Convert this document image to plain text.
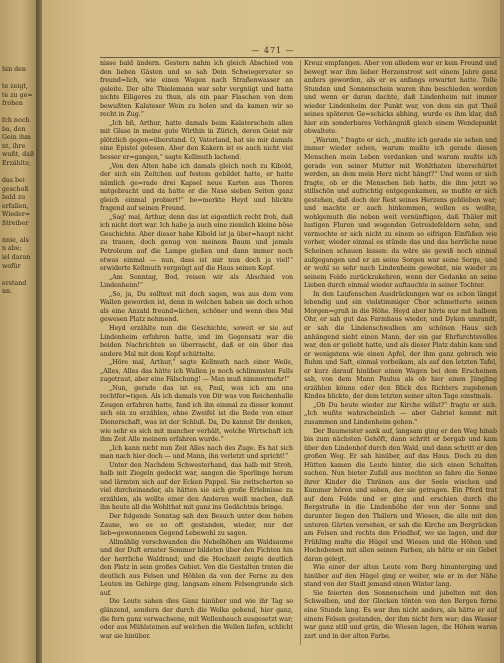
hin den

te zeigt,
te zu ge=
frohen

fch noch
ba, den
Gein ihm
nt, ihre
wußt, daß
Erzählte,

das bei
geschoß
bald zu
erfallen,
Wieder=
ßtreiber

nnie, als
n abe;
iel daran
wofür

erstand
nn.

— 471 —

nisse bald ändern. Gestern nahm ich gleich Abschied von den lieben Gästen und so sah Dein Schwiegervater so freund=lich, wie einen Wagen nach Straßenwasser an geleite. Der alte Thielemann war sehr vergnügt und hatte nichts Eiligeres zu thun, als ein paar Flaschen von dem bewußten Kalateser Wein zu holen und da kamen wir so recht in Zug.“

„Ich bß, Arthur, hatte damals beim Kalaterschein allen mit Glase in meine gute Wirthin in Zürich, deren Geist mir plötzlich gegen=überstand. O, Vaterland, hat sie mir damals eine Epistel gelesen. Aber den Kakern ist es auch nicht viel besser er=gangen,“ sagte Kellmuth lachend.

„Von den Alten habe ich damals gleich noch zu Kibold, der sich ein Zeitchen auf festem gebildet hatte, er hatte nämlich ge=rade drei Kapsel neue Karten aus Thoren mitgebracht und da hatte er die Nase sieben Seiten ganz gleich einmal probiert!“ be=merkte Heyd und blickte fragend auf seinen Freund.

„Sag' mal, Arthur, denn das ist eigentlich recht froh, daß ich nicht dort war. Ich habe ja auch eine ziemlich kleine böse Geschichte. Aber dieser habe Kibold ist ja über=haupt nicht zu trauen, doch genug von meinem Baum und jemals Petroleum auf die Lampe gießen und dann immer noch etwas einmal — nun, dass ist mir nun doch ja viel!“ erwiderte Kellmuth vergnügt auf die Haus seinen Kopf.

„Am Sonntag, Bod, reisen wir als Abschied von Lindenheim!“

„So, ja, Du solltest mit doch sagen, was aus dem vom Wallen geworden ist, denn in welchen haben sie doch schon als eine Anzahl freund=lichen, schöner und wenn dies Mal gewesen Platz nehmend.

Heyd erzählte nun die Geschichte, soweit er sie auf Lindenheim erfahren hatte, und im Gegensatz war die beiden Nachrichten so überrascht, daß er ein über das andere Mal mit dem Kopf schüttelte.

„Höre mal, Arthur,“ sagte Kellmuth nach einer Weile, „Alles, Alles das hätte ich Wallen je noch schlimmsten Falls zugetraut, aber eine Fälschung! — Man muß nimmermehr!“

„Nun, gerade das ist es, Paul, was ich am uns rechtfer=tigen. Als ich damals von Dir was von Reichenhalle Zeugen erfahren hatte, fand ich ihn einmal zu dieser kommt sich ein zu erzählen, ohne Zweifel ist die Rede von einer Dienerschaft, was ist der Schluß. Da, Du kannst Dir denken, wie sehr es sich mit mancher verhält, welche Wirtschaft ich ihm Zeit Alle meinem erfahren wurde.“

„Ich kann nicht nun Zeit Alles nach des Zuge. Es hat sich man nach hier doch — und Mann, ihn verletzt und spricht!“

Unter den Nachdem Schwesterhand, das halb mit Stroh, halb mit Ziegeln gedeckt war, sangen die Sperlinge herum und lärmten sich auf der Ecken Pappel. Sie zwitscherten so viel durcheinander, als hätten sie sich große Erlebnisse zu erzählen, als wollte einer den Anderen weiß machen, daß ihn heute all die Wohlthat mit ganz ins Gedächtnis bringe.

Der folgende Sonntag sah den Besuch unter dem hohen Zaune, wo es so oft gestanden, wieder, nur der lieb=gewonnenen Gegend Lebewohl zu sagen.

Allmählig verschwanden die Nebelhöhen am Waldsaume und der Duft ernster Sommer bildeten über den Fichten hin der herrliche Waldrand; und die Hochzeit zeigte deutlich den Platz in sein großes Gebiet. Von die Gestalten traten die deutlich aus Felsen und Höhlen da von der Ferne zu den Leuten im Gebirge ging, langsam einem Felsengrunde sich auf.

Die Leute sahen dies Ganz hinüber und wie ihr Tag so glänzend, sondern der durch die Wolke gehend, hier ganz, die fern ganz verwachsene, mit Wellenhauch ausgesetzt war; oder aus Mühlsteinen auf welchen die Wellen liefen, schlicht war sie hinüber.

Kreuz empfangen. Aber von alledem war er kein Freund und bewegt war ihm lieber Herzenstrost seit einem Jahre ganz anders geworden, als er es anfangs erwartet hatte. Tolle Stunden und Sonnenschein waren ihm beschieden worden und wenn er daran dachte, daß Lindenheim mit immer wieder Lindenheim der Punkt war, von dem ein gut Theil seines späteren Ge=schicks abhing, wurde es ihm klar, daß hier ein sonderbares Verhängniß gleich einem Wendepunkt obwaltete.

„Warum,“ fragte er sich, „mußte ich gerade sie sehen und immer wieder sehen, warum mußte ich gerade diesen Menschen mein Leben verdanken und warum mußte ich gerade von seiner Mutter mit Wohlthaten überschüttet werden, an dem mein Herz nicht hängt?“ Und wenn er sich fragte, ob er die Menschen lieb hatte, die ihm jetzt so stillschön und aufrichtig entgegenkamen, so mußte er sich gestehen, daß doch der Rest seines Herzens geblieben war; und machte er auch hinkommen, wollen es wollte, wohlgemuth die neben weit vernünftigen, daß Thäler mit lustigen Fluren und wogenden Getreidefeldern sehn, und vermochte er sich nicht zu einem so eifrigen Einfüßen wie vorher, wieder einmal es stünde das und das herrliche neue Scheinen schauen lassen: da wäre sie gewiß noch einmal aufgegangen und er an seine Sorgen war seine Sorge, und er wohl so sehr nach Lindenheim gewohnt, nie wieder zu seinem Felde zurückzukehren, wenn der Gedanke an seine Lieben durch einmal wieder auftauchte in seiner Tochter.

In den Laufenschen Ausdrückungen war es schon längst lebendig und ein vielstimmiger Chor schmetterte seinen Morgen=gruß in die Höhe. Heyd aber hörte nur mit halbem Ohr, er sah gut das Farmhaus wieder, und Dyken umrandt, er sah die Lindenschwalben am schönen Haus sich anhängend sieht einen Mann, der ein gar Ehrfurchtsvolles war, den er geliebt hatte, und als dieser Platz dahin kam und er wenigstens wie einen Apfel, der ihm ganz gebrach wie Ruhm und Saft, einmal vorbeikam, als auf den letzten Tafel, er kurz darauf hinüber einen Wagen bei dem Erscheinen sah, von dem Mann Paulus als ob hier einen Jüngling erzählen könne oder den Blick des Richters zugebenen Kindes blickte, der dem letzten seiner alten Tage einstmals.

„Ob Du heute wieder zur Kirche willst?“ fragte er sich. „Ich wußte wahrscheinlich — aber Gabriel kommt mit zusammen und Lindenheim gehen.“

Der Baumeister sank auf, langsam ging er den Weg hinab bis zum nächsten Gehöft, dann schritt er bergab und kam über den Lindenhof durch den Wald, und dann schritt er den großen Weg. Er sah hinüber, auf das Haus. Doch zu den Hütten kamen die Leute hinter, die sich einen Schatten suchen. Nun bieter Zufall aus mochten so fahre die Sonne ihrer Kinder die Thränen aus der Seele wischen und Kummer hören und sehen, der sie getragen. Ein Pferd trat auf dem Felde und er ging und erschien durch die Bergstraße in die Lindenhöhe der von der Sonne und darunter liegen den Thälern und Wiesen, die alle mit den unteren Gärten versehen, er sah die Kirche am Bergrücken am Felsen und rechts den Friedhof, wo sie lagen, und der Frühling malte die Hügel und Wiesen und die Höhen und Hochebenen mit allen seinen Farben, als hätte er ein Gebet daran gelegt.

Wie einer der alten Leute vom Berg hinunterging und hinüber auf den Hügel ging er weiter, wie er in der Nähe stand von der Stadt jemand einen Winter lang.

Sie feierten den Sonnenschein und jubelten mit den Schwalben, und der Glocken tönten von den Bergen ferne eine Stunde lang. Es war ihm nicht anders, als hätte er auf einem Felsen gestanden, der ihm nicht fern war; das Wasser war ganz still und grün, die Wiesen lagen, die Höhen waren zart und in der alten Farbe.
